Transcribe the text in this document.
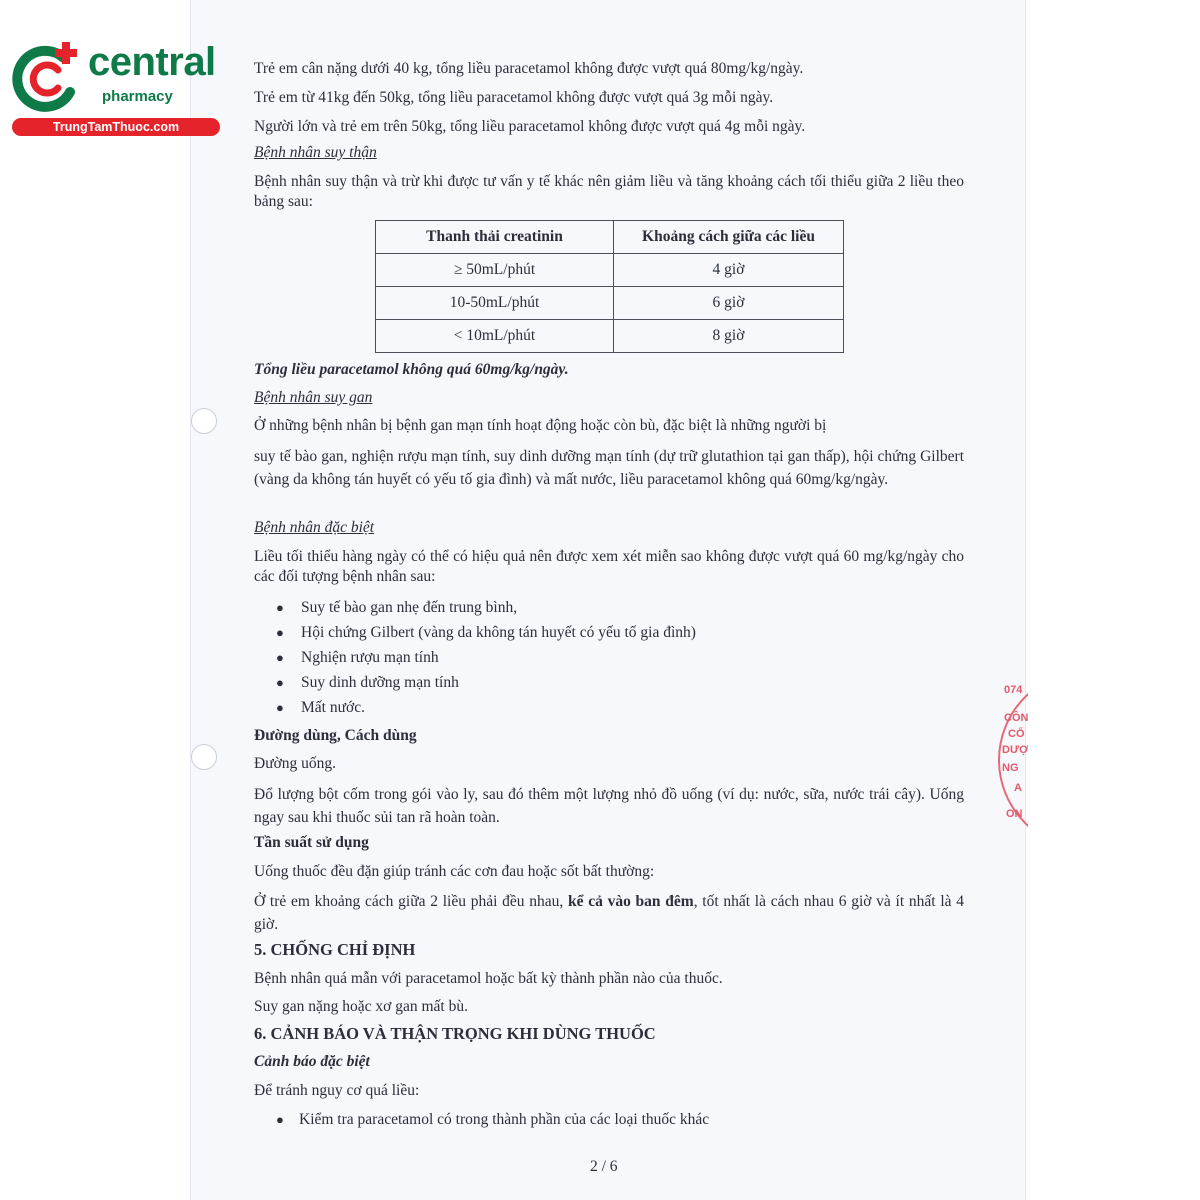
central
pharmacy
TrungTamThuoc.com
Trẻ em cân nặng dưới 40 kg, tổng liều paracetamol không được vượt quá 80mg/kg/ngày.
Trẻ em từ 41kg đến 50kg, tổng liều paracetamol không được vượt quá 3g mỗi ngày.
Người lớn và trẻ em trên 50kg, tổng liều paracetamol không được vượt quá 4g mỗi ngày.
Bệnh nhân suy thận
Bệnh nhân suy thận và trừ khi được tư vấn y tế khác nên giảm liều và tăng khoảng cách tối thiểu giữa 2 liều theo bảng sau:
Thanh thải creatinin	Khoảng cách giữa các liều
≥ 50mL/phút	4 giờ
10-50mL/phút	6 giờ
< 10mL/phút	8 giờ
Tổng liều paracetamol không quá 60mg/kg/ngày.
Bệnh nhân suy gan
Ở những bệnh nhân bị bệnh gan mạn tính hoạt động hoặc còn bù, đặc biệt là những người bị
suy tế bào gan, nghiện rượu mạn tính, suy dinh dưỡng mạn tính (dự trữ glutathion tại gan thấp), hội chứng Gilbert (vàng da không tán huyết có yếu tố gia đình) và mất nước, liều paracetamol không quá 60mg/kg/ngày.
Bệnh nhân đặc biệt
Liều tối thiểu hàng ngày có thể có hiệu quả nên được xem xét miễn sao không được vượt quá 60 mg/kg/ngày cho các đối tượng bệnh nhân sau:
● Suy tế bào gan nhẹ đến trung bình,
● Hội chứng Gilbert (vàng da không tán huyết có yếu tố gia đình)
● Nghiện rượu mạn tính
● Suy dinh dưỡng mạn tính
● Mất nước.
Đường dùng, Cách dùng
Đường uống.
Đổ lượng bột cốm trong gói vào ly, sau đó thêm một lượng nhỏ đồ uống (ví dụ: nước, sữa, nước trái cây). Uống ngay sau khi thuốc sủi tan rã hoàn toàn.
Tần suất sử dụng
Uống thuốc đều đặn giúp tránh các cơn đau hoặc sốt bất thường:
Ở trẻ em khoảng cách giữa 2 liều phải đều nhau, kể cả vào ban đêm, tốt nhất là cách nhau 6 giờ và ít nhất là 4 giờ.
5. CHỐNG CHỈ ĐỊNH
Bệnh nhân quá mẫn với paracetamol hoặc bất kỳ thành phần nào của thuốc.
Suy gan nặng hoặc xơ gan mất bù.
6. CẢNH BÁO VÀ THẬN TRỌNG KHI DÙNG THUỐC
Cảnh báo đặc biệt
Để tránh nguy cơ quá liều:
● Kiểm tra paracetamol có trong thành phần của các loại thuốc khác
2 / 6
074
CÔN
CỔ
DƯỢ
NG
A
ON
